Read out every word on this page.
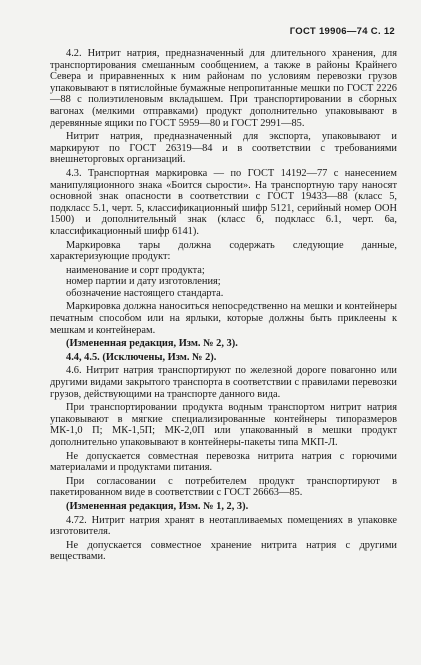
ГОСТ 19906—74 С. 12

4.2. Нитрит натрия, предназначенный для длительного хранения, для транспортирования смешанным сообщением, а также в районы Крайнего Севера и приравненных к ним районам по условиям перевозки грузов упаковывают в пятислойные бумажные непропитанные мешки по ГОСТ 2226—88 с полиэтиленовым вкладышем. При транспортировании в сборных вагонах (мелкими отправками) продукт дополнительно упаковывают в деревянные ящики по ГОСТ 5959—80 и ГОСТ 2991—85.

Нитрит натрия, предназначенный для экспорта, упаковывают и маркируют по ГОСТ 26319—84 и в соответствии с требованиями внешнеторговых организаций.

4.3. Транспортная маркировка — по ГОСТ 14192—77 с нанесением манипуляционного знака «Боится сырости». На транспортную тару наносят основной знак опасности в соответствии с ГОСТ 19433—88 (класс 5, подкласс 5.1, черт. 5, классификационный шифр 5121, серийный номер ООН 1500) и дополнительный знак (класс 6, подкласс 6.1, черт. 6а, классификационный шифр 6141).

Маркировка тары должна содержать следующие данные, характеризующие продукт:

наименование и сорт продукта;

номер партии и дату изготовления;

обозначение настоящего стандарта.

Маркировка должна наноситься непосредственно на мешки и контейнеры печатным способом или на ярлыки, которые должны быть приклеены к мешкам и контейнерам.

(Измененная редакция, Изм. № 2, 3).

4.4, 4.5. (Исключены, Изм. № 2).

4.6. Нитрит натрия транспортируют по железной дороге повагонно или другими видами закрытого транспорта в соответствии с правилами перевозки грузов, действующими на транспорте данного вида.

При транспортировании продукта водным транспортом нитрит натрия упаковывают в мягкие специализированные контейнеры типоразмеров МК-1,0 П; МК-1,5П; МК-2,0П или упакованный в мешки продукт дополнительно упаковывают в контейнеры-пакеты типа МКП-Л.

Не допускается совместная перевозка нитрита натрия с горючими материалами и продуктами питания.

При согласовании с потребителем продукт транспортируют в пакетированном виде в соответствии с ГОСТ 26663—85.

(Измененная редакция, Изм. № 1, 2, 3).

4.72. Нитрит натрия хранят в неотапливаемых помещениях в упаковке изготовителя.

Не допускается совместное хранение нитрита натрия с другими веществами.
